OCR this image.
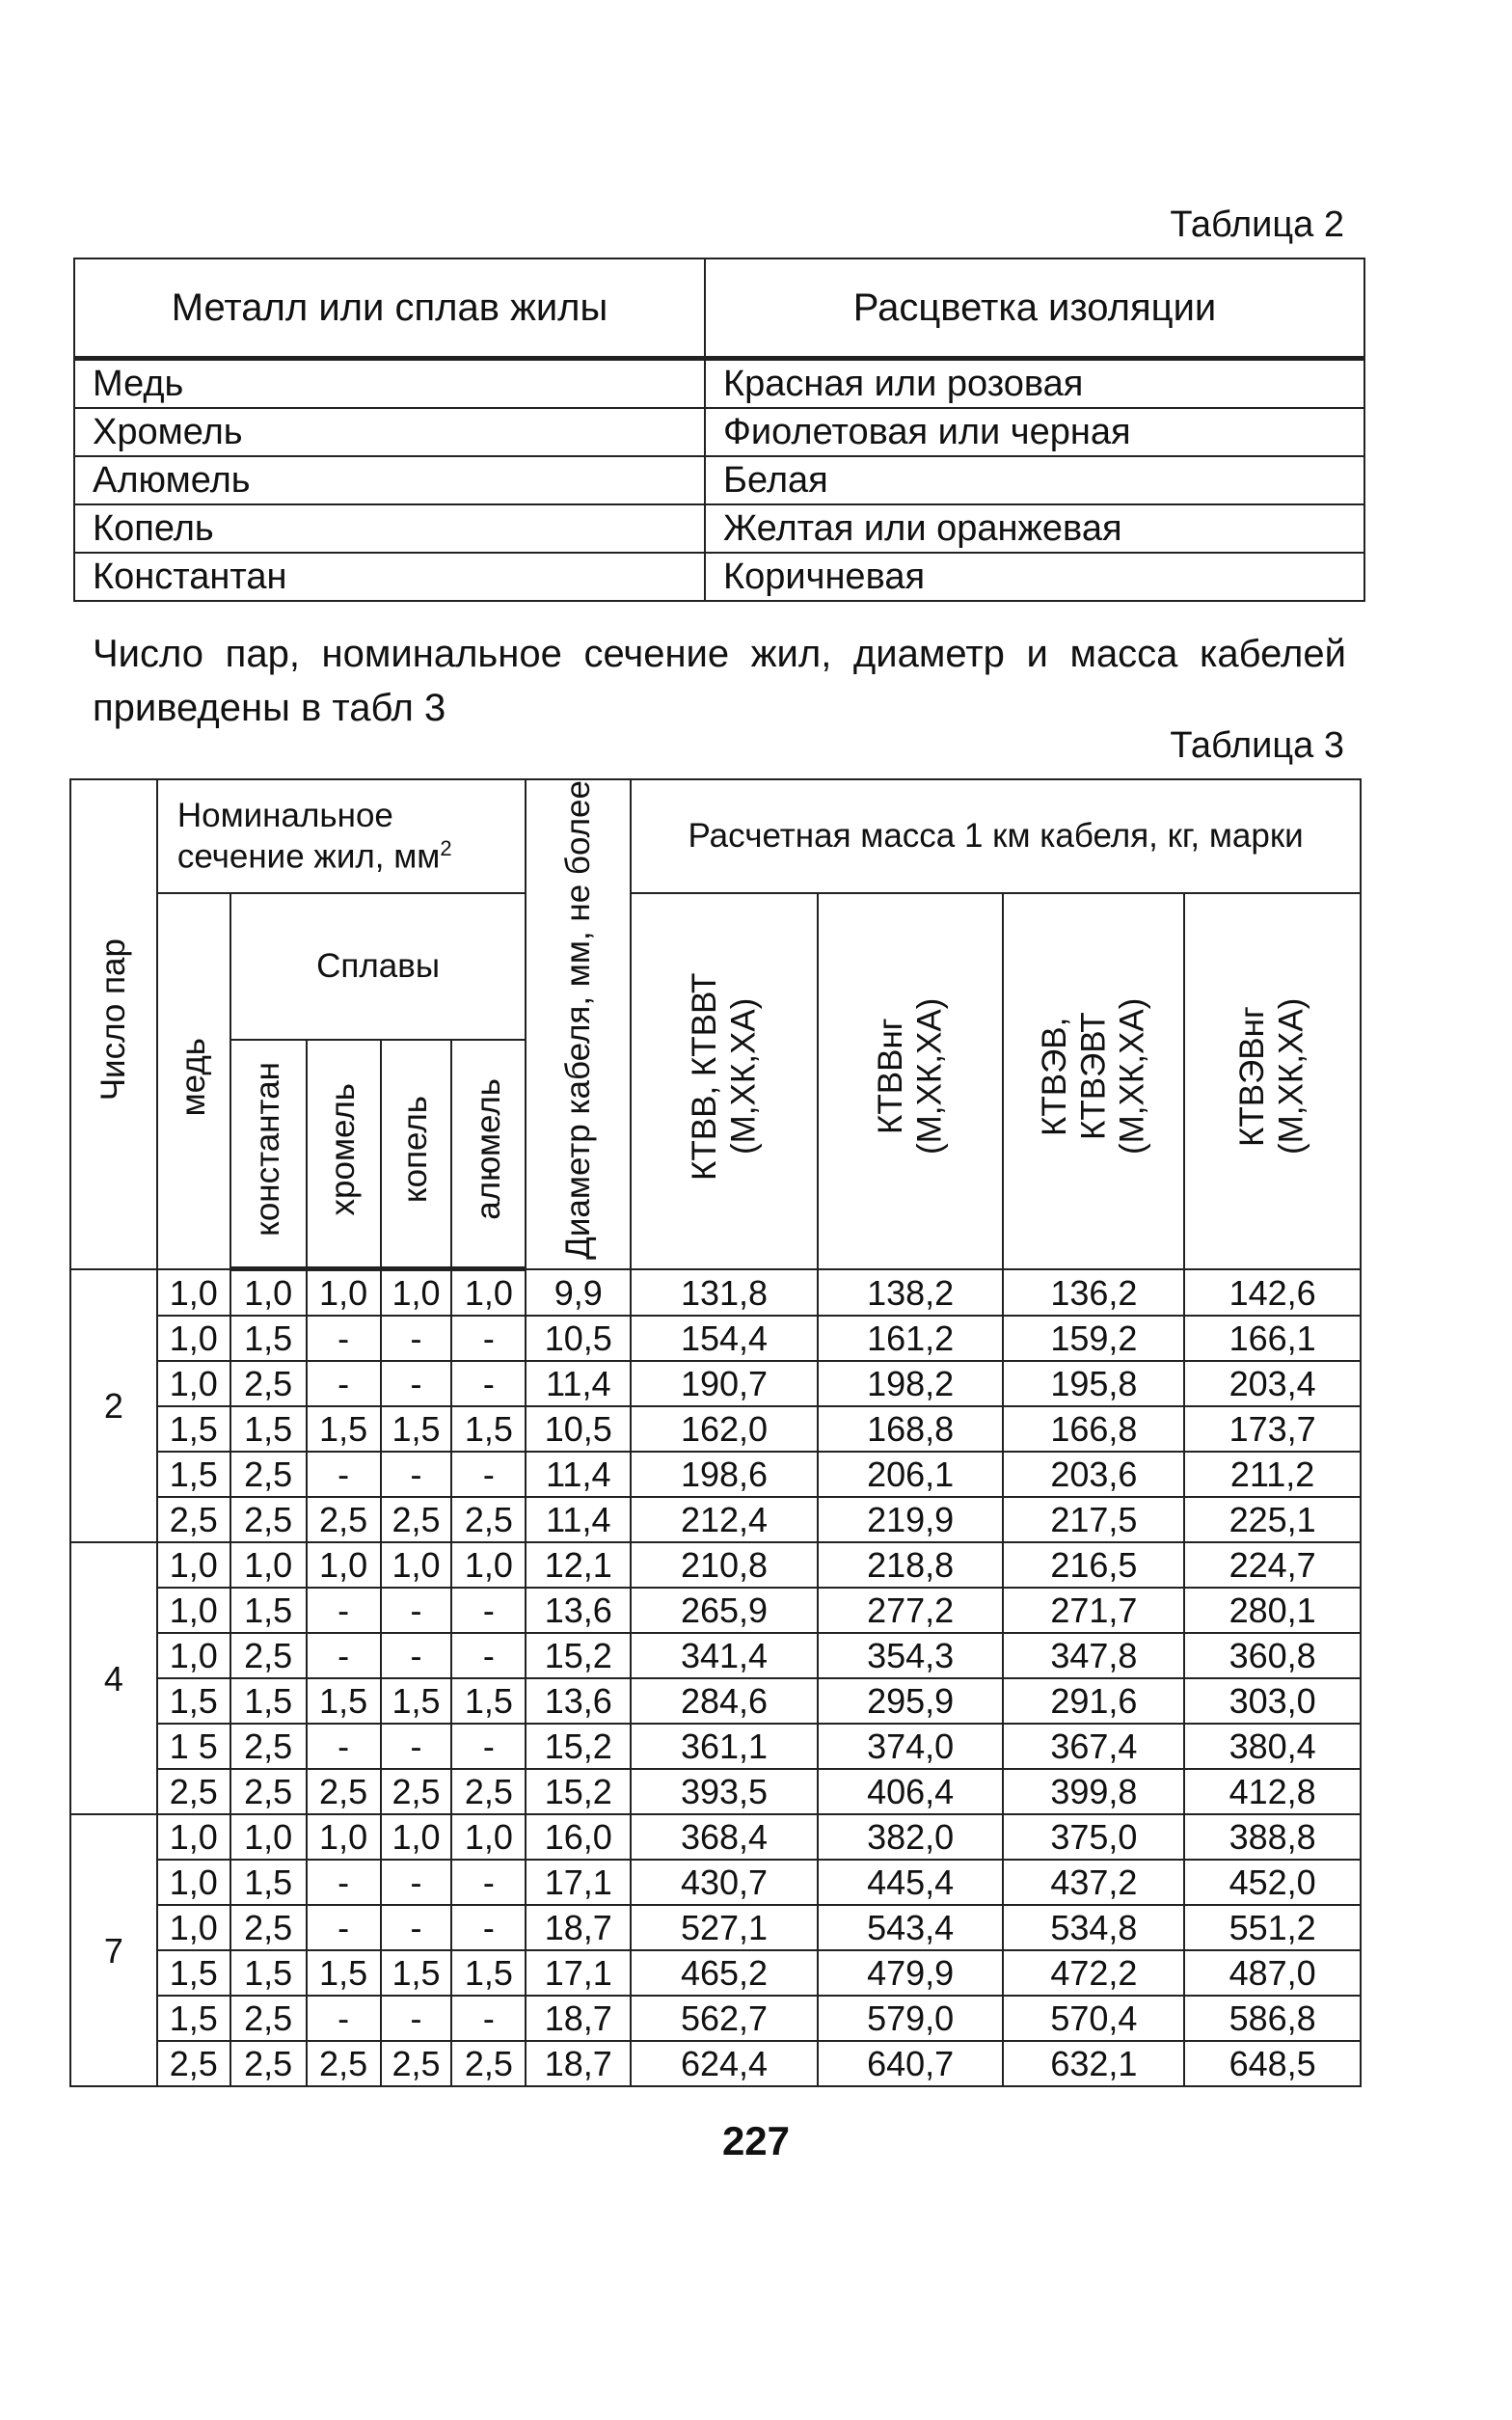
Таблица 2
Металл или сплав жилы	Расцветка изоляции
Медь	Красная или розовая
Хромель	Фиолетовая или черная
Алюмель	Белая
Копель	Желтая или оранжевая
Константан	Коричневая
Число пар, номинальное сечение жил, диаметр и масса кабелей приведены в табл 3
Таблица 3
Число пар	Номинальное сечение жил, $мм^2$					Диаметр кабеля, мм, не более	Расчетная масса 1 км кабеля, кг, марки			
	медь	Сплавы					КТВВ, КТВВТ (М,ХК,ХА)	КТВВнг (М,ХК,ХА)	КТВЭВ, КТВЭВТ (М,ХК,ХА)	КТВЭВнг (М,ХК,ХА)
		константан	хромель	копель	алюмель					
2	1,0	1,0	1,0	1,0	1,0	9,9	131,8	138,2	136,2	142,6
	1,0	1,5	-	-	-	10,5	154,4	161,2	159,2	166,1
	1,0	2,5	-	-	-	11,4	190,7	198,2	195,8	203,4
	1,5	1,5	1,5	1,5	1,5	10,5	162,0	168,8	166,8	173,7
	1,5	2,5	-	-	-	11,4	198,6	206,1	203,6	211,2
	2,5	2,5	2,5	2,5	2,5	11,4	212,4	219,9	217,5	225,1
4	1,0	1,0	1,0	1,0	1,0	12,1	210,8	218,8	216,5	224,7
	1,0	1,5	-	-	-	13,6	265,9	277,2	271,7	280,1
	1,0	2,5	-	-	-	15,2	341,4	354,3	347,8	360,8
	1,5	1,5	1,5	1,5	1,5	13,6	284,6	295,9	291,6	303,0
	1 5	2,5	-	-	-	15,2	361,1	374,0	367,4	380,4
	2,5	2,5	2,5	2,5	2,5	15,2	393,5	406,4	399,8	412,8
7	1,0	1,0	1,0	1,0	1,0	16,0	368,4	382,0	375,0	388,8
	1,0	1,5	-	-	-	17,1	430,7	445,4	437,2	452,0
	1,0	2,5	-	-	-	18,7	527,1	543,4	534,8	551,2
	1,5	1,5	1,5	1,5	1,5	17,1	465,2	479,9	472,2	487,0
	1,5	2,5	-	-	-	18,7	562,7	579,0	570,4	586,8
	2,5	2,5	2,5	2,5	2,5	18,7	624,4	640,7	632,1	648,5
227
